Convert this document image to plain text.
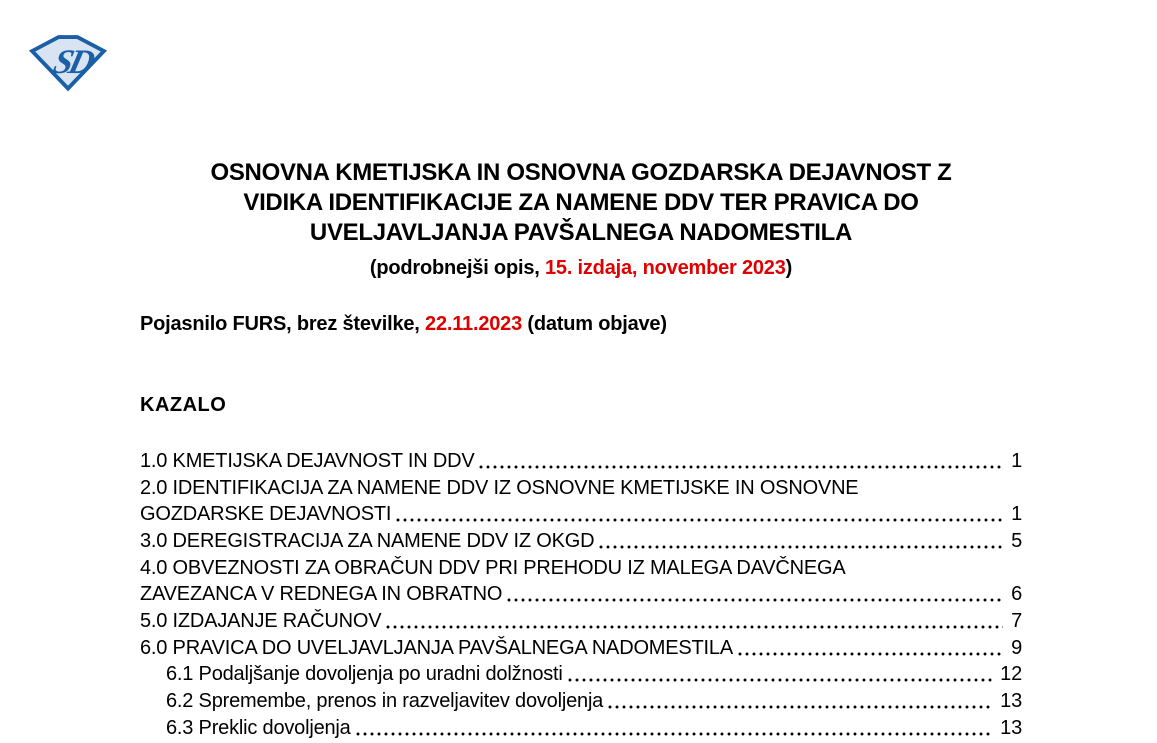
SD
OSNOVNA KMETIJSKA IN OSNOVNA GOZDARSKA DEJAVNOST Z
VIDIKA IDENTIFIKACIJE ZA NAMENE DDV TER PRAVICA DO
UVELJAVLJANJA PAVŠALNEGA NADOMESTILA
(podrobnejši opis, 15. izdaja, november 2023)
Pojasnilo FURS, brez številke, 22.11.2023 (datum objave)
KAZALO
1.0 KMETIJSKA DEJAVNOST IN DDV	1
2.0 IDENTIFIKACIJA ZA NAMENE DDV IZ OSNOVNE KMETIJSKE IN OSNOVNE
GOZDARSKE DEJAVNOSTI	1
3.0 DEREGISTRACIJA ZA NAMENE DDV IZ OKGD	5
4.0 OBVEZNOSTI ZA OBRAČUN DDV PRI PREHODU IZ MALEGA DAVČNEGA
ZAVEZANCA V REDNEGA IN OBRATNO	6
5.0 IZDAJANJE RAČUNOV	7
6.0 PRAVICA DO UVELJAVLJANJA PAVŠALNEGA NADOMESTILA	9
6.1 Podaljšanje dovoljenja po uradni dolžnosti	12
6.2 Spremembe, prenos in razveljavitev dovoljenja	13
6.3 Preklic dovoljenja	13
